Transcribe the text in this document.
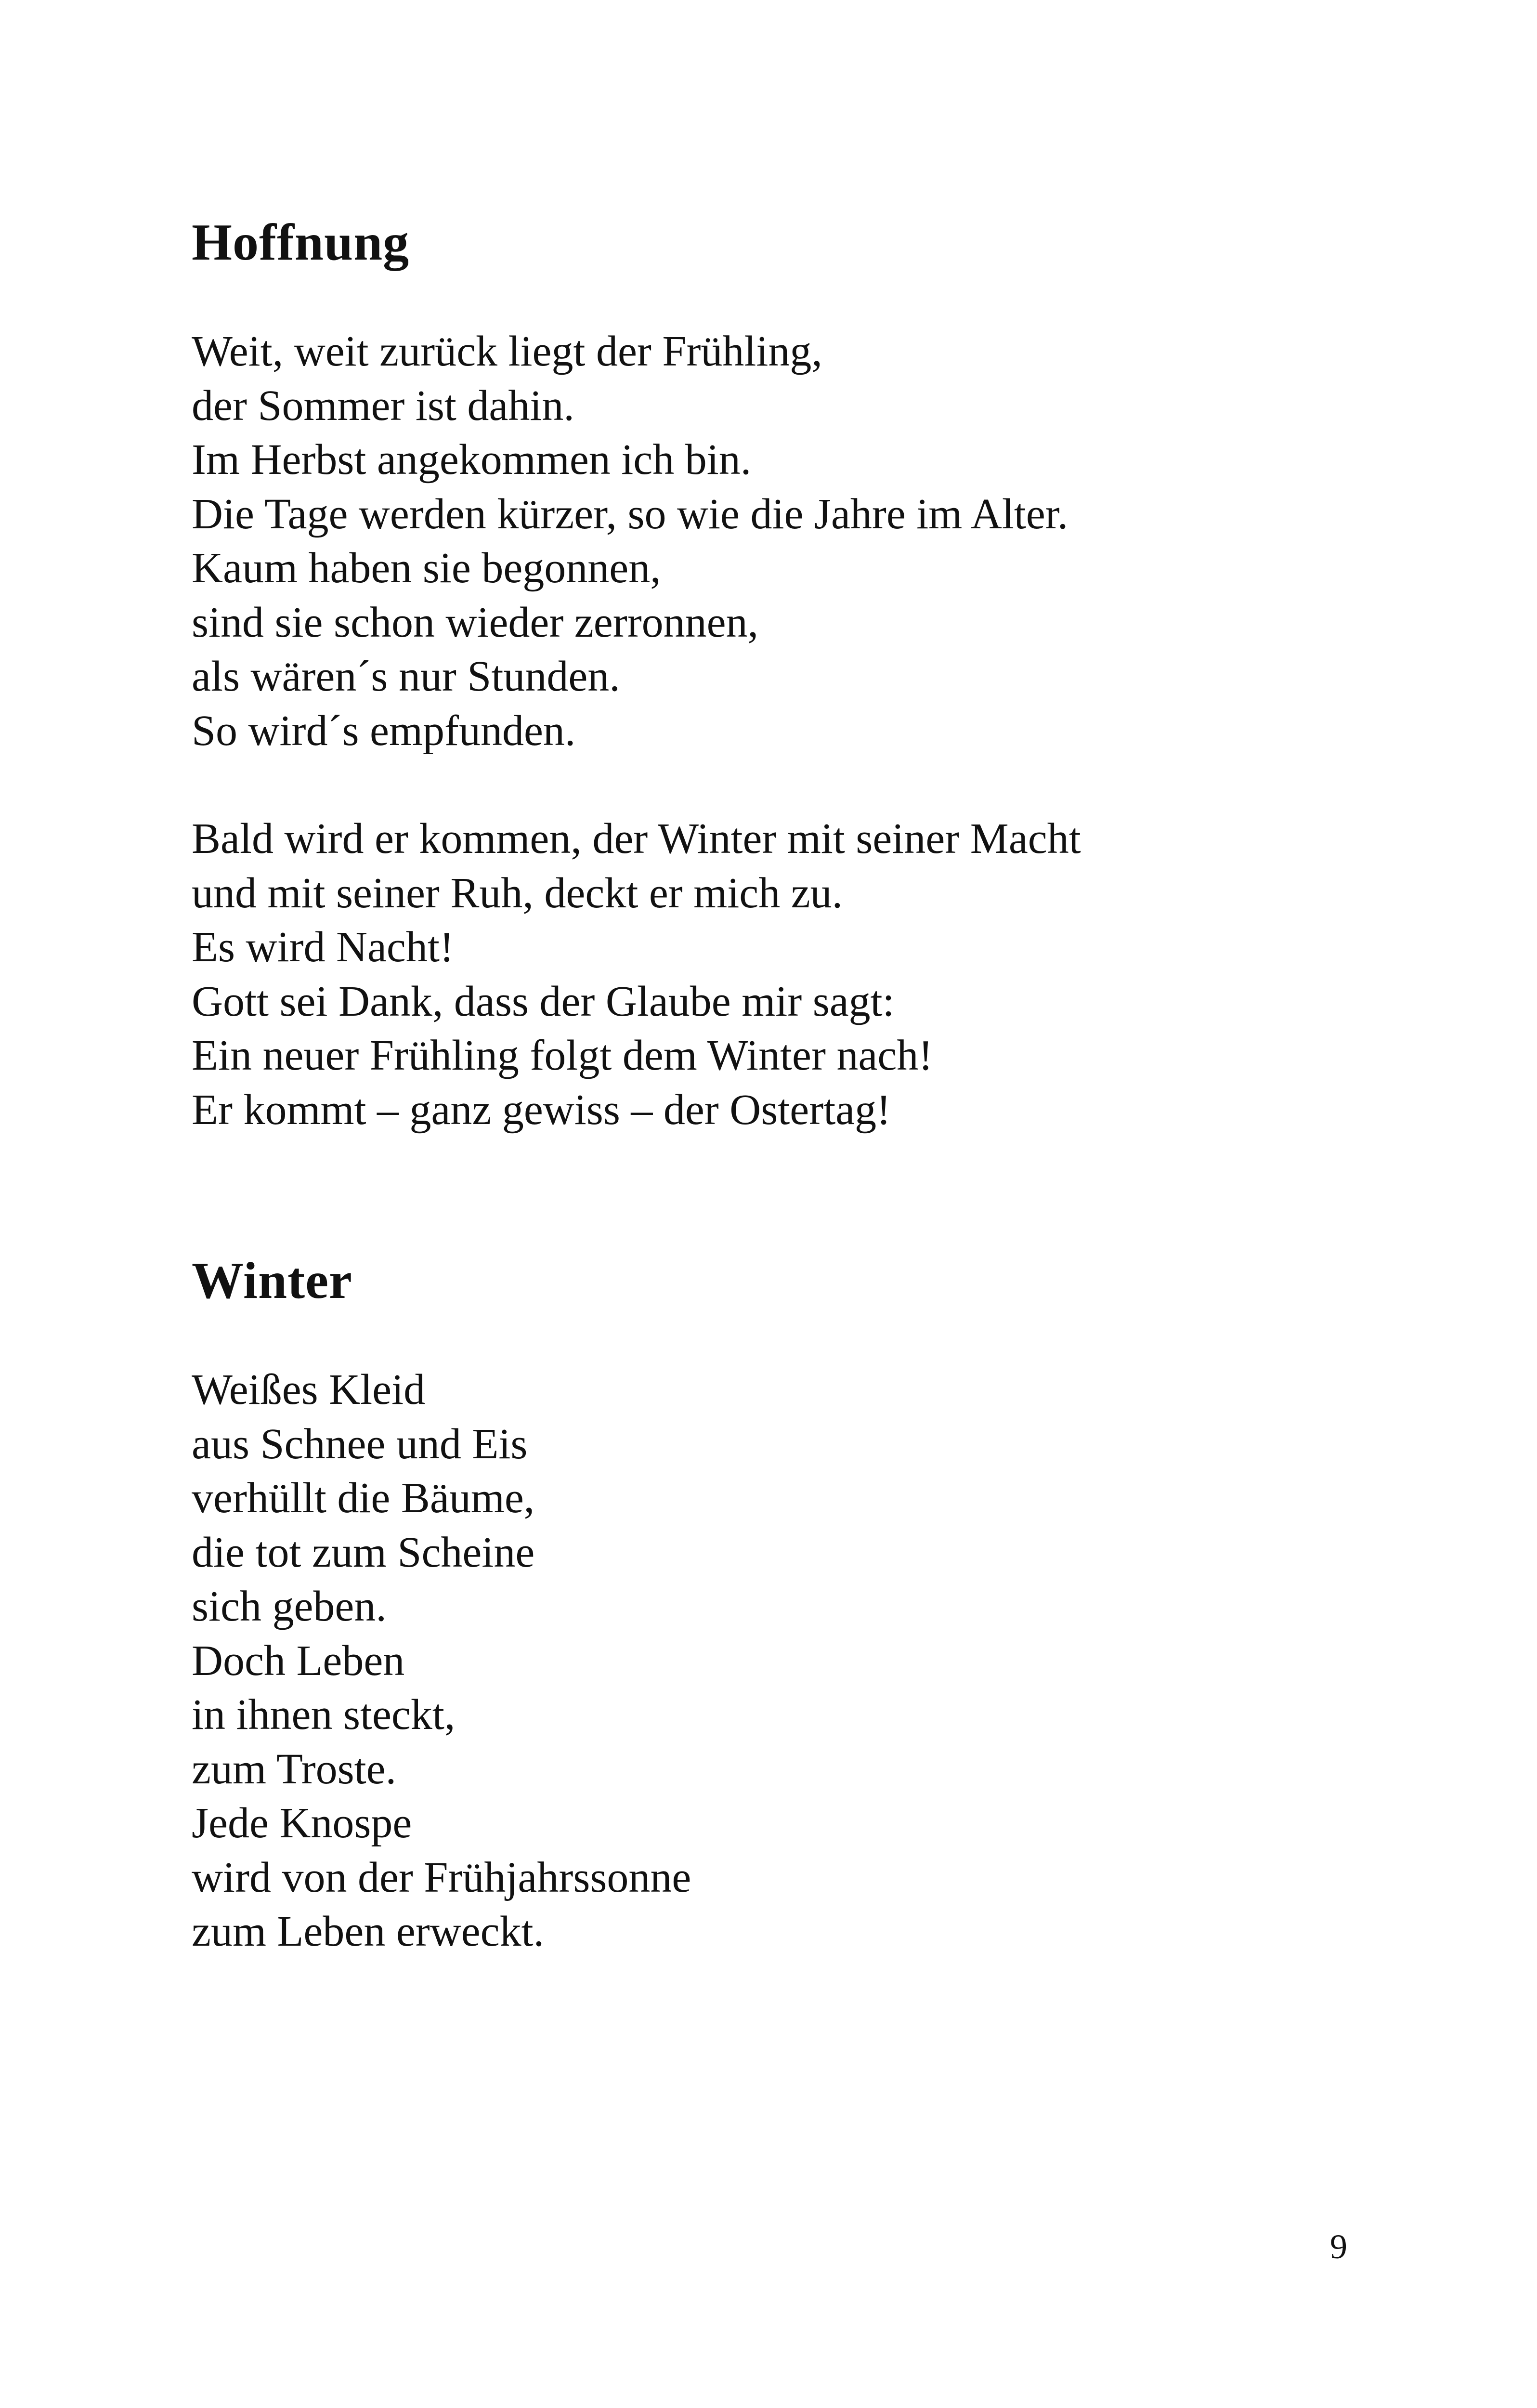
Hoffnung

Weit, weit zurück liegt der Frühling,
der Sommer ist dahin.
Im Herbst angekommen ich bin.
Die Tage werden kürzer, so wie die Jahre im Alter.
Kaum haben sie begonnen,
sind sie schon wieder zerronnen,
als wären´s nur Stunden.
So wird´s empfunden.

Bald wird er kommen, der Winter mit seiner Macht
und mit seiner Ruh, deckt er mich zu.
Es wird Nacht!
Gott sei Dank, dass der Glaube mir sagt:
Ein neuer Frühling folgt dem Winter nach!
Er kommt – ganz gewiss – der Ostertag!

Winter

Weißes Kleid
aus Schnee und Eis
verhüllt die Bäume,
die tot zum Scheine
sich geben.
Doch Leben
in ihnen steckt,
zum Troste.
Jede Knospe
wird von der Frühjahrssonne
zum Leben erweckt.

9
